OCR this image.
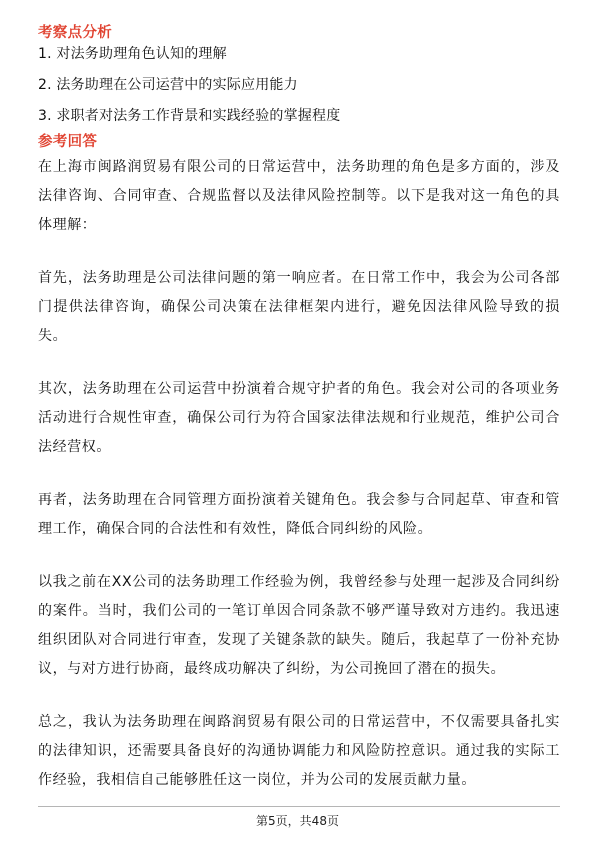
考察点分析
1. 对法务助理角色认知的理解
2. 法务助理在公司运营中的实际应用能力
3. 求职者对法务工作背景和实践经验的掌握程度
参考回答

在上海市闽路润贸易有限公司的日常运营中，法务助理的角色是多方面的，涉及法律咨询、合同审查、合规监督以及法律风险控制等。以下是我对这一角色的具体理解：

首先，法务助理是公司法律问题的第一响应者。在日常工作中，我会为公司各部门提供法律咨询，确保公司决策在法律框架内进行，避免因法律风险导致的损失。

其次，法务助理在公司运营中扮演着合规守护者的角色。我会对公司的各项业务活动进行合规性审查，确保公司行为符合国家法律法规和行业规范，维护公司合法经营权。

再者，法务助理在合同管理方面扮演着关键角色。我会参与合同起草、审查和管理工作，确保合同的合法性和有效性，降低合同纠纷的风险。

以我之前在XX公司的法务助理工作经验为例，我曾经参与处理一起涉及合同纠纷的案件。当时，我们公司的一笔订单因合同条款不够严谨导致对方违约。我迅速组织团队对合同进行审查，发现了关键条款的缺失。随后，我起草了一份补充协议，与对方进行协商，最终成功解决了纠纷，为公司挽回了潜在的损失。

总之，我认为法务助理在闽路润贸易有限公司的日常运营中，不仅需要具备扎实的法律知识，还需要具备良好的沟通协调能力和风险防控意识。通过我的实际工作经验，我相信自己能够胜任这一岗位，并为公司的发展贡献力量。

第5页，共48页
